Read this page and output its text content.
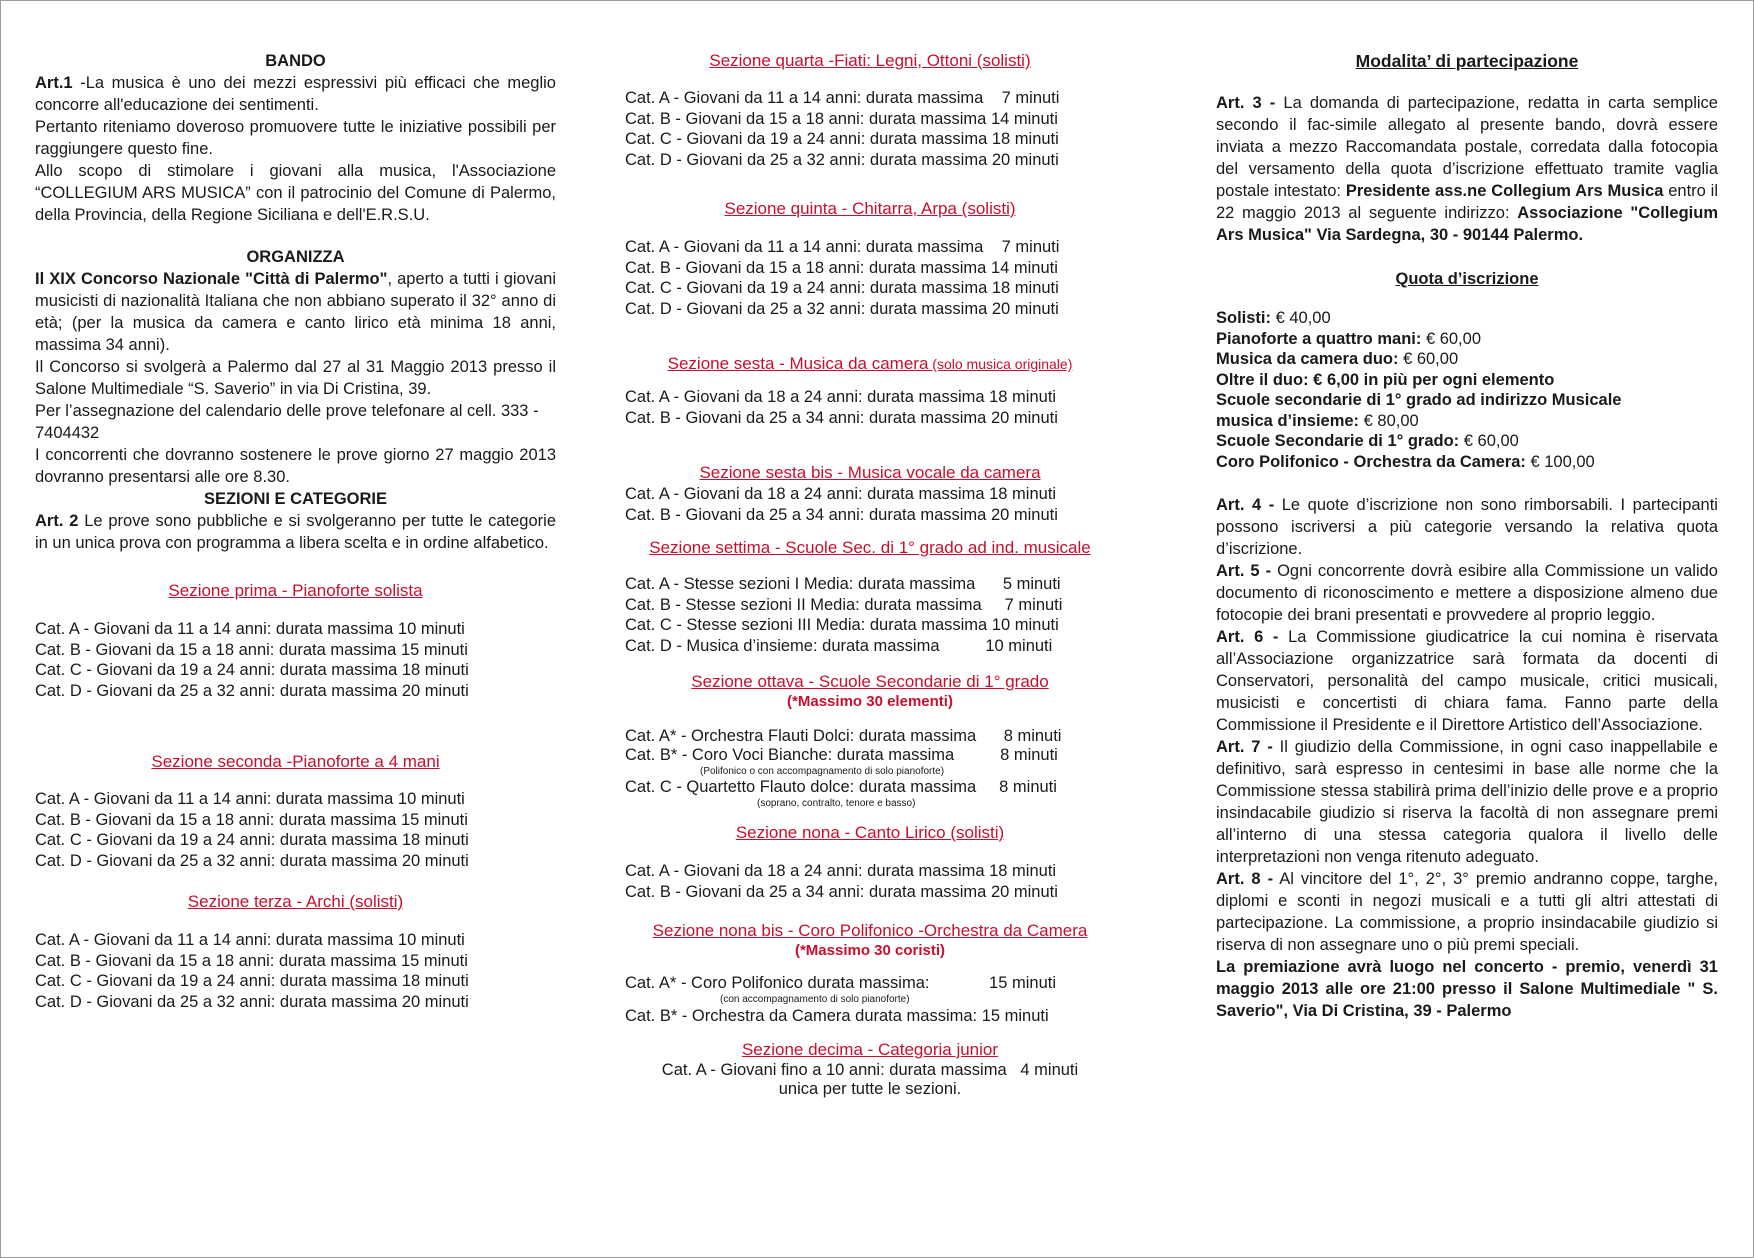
BANDO

Art.1 -La musica è uno dei mezzi espressivi più efficaci che meglio concorre all'educazione dei sentimenti.

Pertanto riteniamo doveroso promuovere tutte le iniziative possibili per raggiungere questo fine.

Allo scopo di stimolare i giovani alla musica, l'Associazione “COLLEGIUM ARS MUSICA” con il patrocinio del Comune di Palermo, della Provincia, della Regione Siciliana e dell'E.R.S.U.

ORGANIZZA

Il XIX Concorso Nazionale "Città di Palermo", aperto a tutti i giovani musicisti di nazionalità Italiana che non abbiano superato il 32° anno di età; (per la musica da camera e canto lirico età minima 18 anni, massima 34 anni).

Il Concorso si svolgerà a Palermo dal 27 al 31 Maggio 2013 presso il Salone Multimediale “S. Saverio” in via Di Cristina, 39.

Per l’assegnazione del calendario delle prove telefonare al cell. 333 - 7404432

I concorrenti che dovranno sostenere le prove giorno 27 maggio 2013 dovranno presentarsi alle ore 8.30.

SEZIONI E CATEGORIE

Art. 2 Le prove sono pubbliche e si svolgeranno per tutte le categorie in un unica prova con programma a libera scelta e in ordine alfabetico.

Sezione prima - Pianoforte solista

Cat. A - Giovani da 11 a 14 anni: durata massima 10 minuti

Cat. B - Giovani da 15 a 18 anni: durata massima 15 minuti

Cat. C - Giovani da 19 a 24 anni: durata massima 18 minuti

Cat. D - Giovani da 25 a 32 anni: durata massima 20 minuti

Sezione seconda -Pianoforte a 4 mani

Cat. A - Giovani da 11 a 14 anni: durata massima 10 minuti

Cat. B - Giovani da 15 a 18 anni: durata massima 15 minuti

Cat. C - Giovani da 19 a 24 anni: durata massima 18 minuti

Cat. D - Giovani da 25 a 32 anni: durata massima 20 minuti

Sezione terza - Archi (solisti)

Cat. A - Giovani da 11 a 14 anni: durata massima 10 minuti

Cat. B - Giovani da 15 a 18 anni: durata massima 15 minuti

Cat. C - Giovani da 19 a 24 anni: durata massima 18 minuti

Cat. D - Giovani da 25 a 32 anni: durata massima 20 minuti

Sezione quarta -Fiati: Legni, Ottoni (solisti)

Cat. A - Giovani da 11 a 14 anni: durata massima    7 minuti

Cat. B - Giovani da 15 a 18 anni: durata massima 14 minuti

Cat. C - Giovani da 19 a 24 anni: durata massima 18 minuti

Cat. D - Giovani da 25 a 32 anni: durata massima 20 minuti

Sezione quinta - Chitarra, Arpa (solisti)

Cat. A - Giovani da 11 a 14 anni: durata massima    7 minuti

Cat. B - Giovani da 15 a 18 anni: durata massima 14 minuti

Cat. C - Giovani da 19 a 24 anni: durata massima 18 minuti

Cat. D - Giovani da 25 a 32 anni: durata massima 20 minuti

Sezione sesta - Musica da camera (solo musica originale)

Cat. A - Giovani da 18 a 24 anni: durata massima 18 minuti

Cat. B - Giovani da 25 a 34 anni: durata massima 20 minuti

Sezione sesta bis - Musica vocale da camera

Cat. A - Giovani da 18 a 24 anni: durata massima 18 minuti

Cat. B - Giovani da 25 a 34 anni: durata massima 20 minuti

Sezione settima - Scuole Sec. di 1° grado ad ind. musicale

Cat. A - Stesse sezioni I Media: durata massima      5 minuti

Cat. B - Stesse sezioni II Media: durata massima     7 minuti

Cat. C - Stesse sezioni III Media: durata massima 10 minuti

Cat. D - Musica d’insieme: durata massima          10 minuti

Sezione ottava - Scuole Secondarie di 1° grado

(*Massimo 30 elementi)

Cat. A* - Orchestra Flauti Dolci: durata massima      8 minuti

Cat. B* - Coro Voci Bianche: durata massima          8 minuti

(Polifonico o con accompagnamento di solo pianoforte)

Cat. C - Quartetto Flauto dolce: durata massima     8 minuti

(soprano, contralto, tenore e basso)

Sezione nona - Canto Lirico (solisti)

Cat. A - Giovani da 18 a 24 anni: durata massima 18 minuti

Cat. B - Giovani da 25 a 34 anni: durata massima 20 minuti

Sezione nona bis - Coro Polifonico -Orchestra da Camera

(*Massimo 30 coristi)

Cat. A* - Coro Polifonico durata massima:             15 minuti

(con accompagnamento di solo pianoforte)

Cat. B* - Orchestra da Camera durata massima: 15 minuti

Sezione decima - Categoria junior

Cat. A - Giovani fino a 10 anni: durata massima   4 minuti

unica per tutte le sezioni.

Modalita’ di partecipazione

Art. 3 - La domanda di partecipazione, redatta in carta semplice secondo il fac-simile allegato al presente bando, dovrà essere inviata a mezzo Raccomandata postale, corredata dalla fotocopia del versamento della quota d’iscrizione effettuato tramite vaglia postale intestato: Presidente ass.ne Collegium Ars Musica entro il 22 maggio 2013 al seguente indirizzo: Associazione "Collegium Ars Musica" Via Sardegna, 30 - 90144 Palermo.

Quota d’iscrizione

Solisti: € 40,00

Pianoforte a quattro mani: € 60,00

Musica da camera duo: € 60,00

Oltre il duo: € 6,00 in più per ogni elemento

Scuole secondarie di 1° grado ad indirizzo Musicale musica d’insieme: € 80,00

Scuole Secondarie di 1° grado: € 60,00

Coro Polifonico - Orchestra da Camera: € 100,00

Art. 4 - Le quote d’iscrizione non sono rimborsabili. I partecipanti possono iscriversi a più categorie versando la relativa quota d’iscrizione.

Art. 5 - Ogni concorrente dovrà esibire alla Commissione un valido documento di riconoscimento e mettere a disposizione almeno due fotocopie dei brani presentati e provvedere al proprio leggio.

Art. 6 - La Commissione giudicatrice la cui nomina è riservata all’Associazione organizzatrice sarà formata da docenti di Conservatori, personalità del campo musicale, critici musicali, musicisti e concertisti di chiara fama. Fanno parte della Commissione il Presidente e il Direttore Artistico dell’Associazione.

Art. 7 - Il giudizio della Commissione, in ogni caso inappellabile e definitivo, sarà espresso in centesimi in base alle norme che la Commissione stessa stabilirà prima dell’inizio delle prove e a proprio insindacabile giudizio si riserva la facoltà di non assegnare premi all’interno di una stessa categoria qualora il livello delle interpretazioni non venga ritenuto adeguato.

Art. 8 - Al vincitore del 1°, 2°, 3° premio andranno coppe, targhe, diplomi e sconti in negozi musicali e a tutti gli altri attestati di partecipazione. La commissione, a proprio insindacabile giudizio si riserva di non assegnare uno o più premi speciali.

La premiazione avrà luogo nel concerto - premio, venerdì 31 maggio 2013 alle ore 21:00 presso il Salone Multimediale " S. Saverio", Via Di Cristina, 39 - Palermo
